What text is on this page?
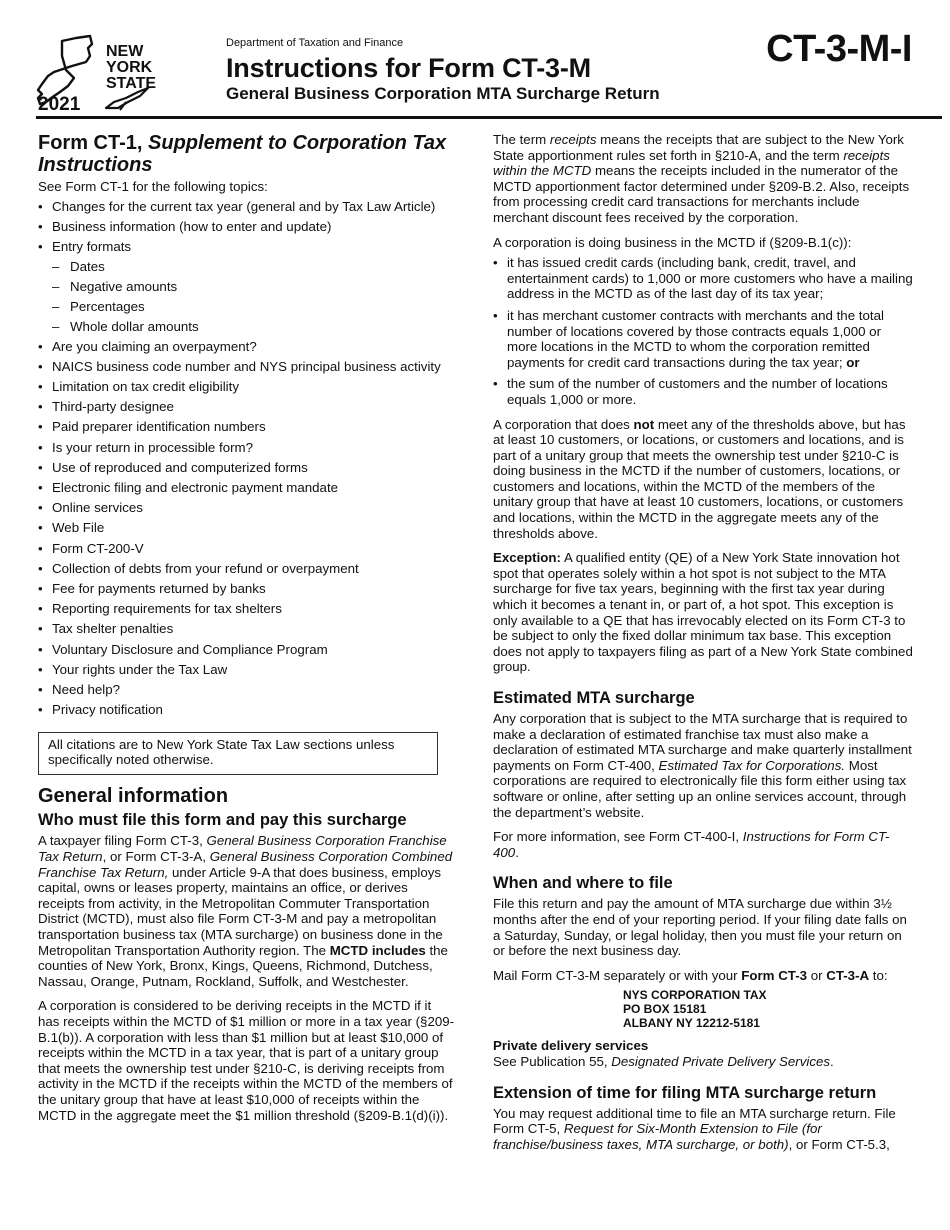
NEW
YORK
STATE
2021
Department of Taxation and Finance
Instructions for Form CT-3-M
General Business Corporation MTA Surcharge Return
CT-3-M-I
Form CT-1, Supplement to Corporation Tax Instructions

See Form CT-1 for the following topics:

• Changes for the current tax year (general and by Tax Law Article)
• Business information (how to enter and update)
• Entry formats
– Dates
– Negative amounts
– Percentages
– Whole dollar amounts
• Are you claiming an overpayment?
• NAICS business code number and NYS principal business activity
• Limitation on tax credit eligibility
• Third-party designee
• Paid preparer identification numbers
• Is your return in processible form?
• Use of reproduced and computerized forms
• Electronic filing and electronic payment mandate
• Online services
• Web File
• Form CT-200-V
• Collection of debts from your refund or overpayment
• Fee for payments returned by banks
• Reporting requirements for tax shelters
• Tax shelter penalties
• Voluntary Disclosure and Compliance Program
• Your rights under the Tax Law
• Need help?
• Privacy notification
All citations are to New York State Tax Law sections unless specifically noted otherwise.
General information
Who must file this form and pay this surcharge

A taxpayer filing Form CT-3, General Business Corporation Franchise Tax Return, or Form CT-3-A, General Business Corporation Combined Franchise Tax Return, under Article 9-A that does business, employs capital, owns or leases property, maintains an office, or derives receipts from activity, in the Metropolitan Commuter Transportation District (MCTD), must also file Form CT-3-M and pay a metropolitan transportation business tax (MTA surcharge) on business done in the Metropolitan Transportation Authority region. The MCTD includes the counties of New York, Bronx, Kings, Queens, Richmond, Dutchess, Nassau, Orange, Putnam, Rockland, Suffolk, and Westchester.

A corporation is considered to be deriving receipts in the MCTD if it has receipts within the MCTD of $1 million or more in a tax year (§209-B.1(b)). A corporation with less than $1 million but at least $10,000 of receipts within the MCTD in a tax year, that is part of a unitary group that meets the ownership test under §210-C, is deriving receipts from activity in the MCTD if the receipts within the MCTD of the members of the unitary group that have at least $10,000 of receipts within the MCTD in the aggregate meet the $1 million threshold (§209-B.1(d)(i)).

The term receipts means the receipts that are subject to the New York State apportionment rules set forth in §210-A, and the term receipts within the MCTD means the receipts included in the numerator of the MCTD apportionment factor determined under §209-B.2. Also, receipts from processing credit card transactions for merchants include merchant discount fees received by the corporation.

A corporation is doing business in the MCTD if (§209-B.1(c)):

• it has issued credit cards (including bank, credit, travel, and entertainment cards) to 1,000 or more customers who have a mailing address in the MCTD as of the last day of its tax year;
• it has merchant customer contracts with merchants and the total number of locations covered by those contracts equals 1,000 or more locations in the MCTD to whom the corporation remitted payments for credit card transactions during the tax year; or
• the sum of the number of customers and the number of locations equals 1,000 or more.

A corporation that does not meet any of the thresholds above, but has at least 10 customers, or locations, or customers and locations, and is part of a unitary group that meets the ownership test under §210-C is doing business in the MCTD if the number of customers, locations, or customers and locations, within the MCTD of the members of the unitary group that have at least 10 customers, locations, or customers and locations, within the MCTD in the aggregate meets any of the thresholds above.

Exception: A qualified entity (QE) of a New York State innovation hot spot that operates solely within a hot spot is not subject to the MTA surcharge for five tax years, beginning with the first tax year during which it becomes a tenant in, or part of, a hot spot. This exception is only available to a QE that has irrevocably elected on its Form CT-3 to be subject to only the fixed dollar minimum tax base. This exception does not apply to taxpayers filing as part of a New York State combined group.

Estimated MTA surcharge

Any corporation that is subject to the MTA surcharge that is required to make a declaration of estimated franchise tax must also make a declaration of estimated MTA surcharge and make quarterly installment payments on Form CT-400, Estimated Tax for Corporations. Most corporations are required to electronically file this form either using tax software or online, after setting up an online services account, through the department’s website.

For more information, see Form CT-400-I, Instructions for Form CT-400.

When and where to file

File this return and pay the amount of MTA surcharge due within 3½ months after the end of your reporting period. If your filing date falls on a Saturday, Sunday, or legal holiday, then you must file your return on or before the next business day.

Mail Form CT-3-M separately or with your Form CT-3 or CT-3-A to:

NYS CORPORATION TAX
PO BOX 15181
ALBANY NY 12212-5181
Private delivery services

See Publication 55, Designated Private Delivery Services.

Extension of time for filing MTA surcharge return

You may request additional time to file an MTA surcharge return. File Form CT-5, Request for Six-Month Extension to File (for franchise/business taxes, MTA surcharge, or both), or Form CT-5.3,
